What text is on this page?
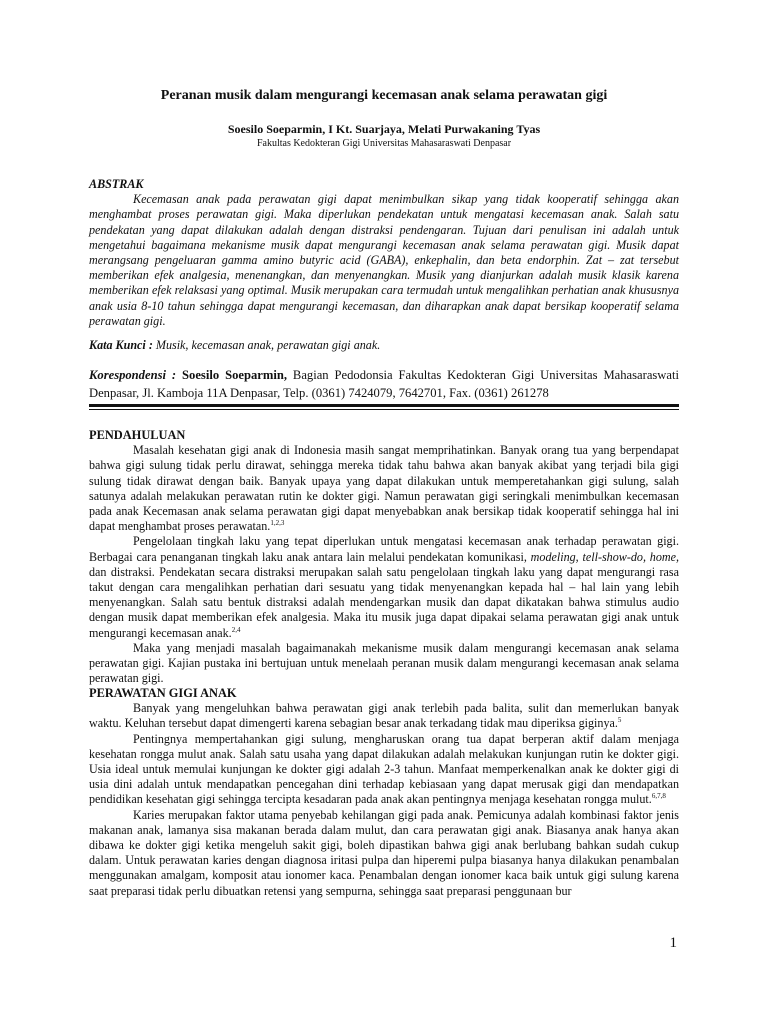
Peranan musik dalam mengurangi kecemasan anak selama perawatan gigi
Soesilo Soeparmin, I Kt. Suarjaya, Melati Purwakaning Tyas
Fakultas Kedokteran Gigi Universitas Mahasaraswati Denpasar
ABSTRAK

Kecemasan anak pada perawatan gigi dapat menimbulkan sikap yang tidak kooperatif sehingga akan menghambat proses perawatan gigi. Maka diperlukan pendekatan untuk mengatasi kecemasan anak. Salah satu pendekatan yang dapat dilakukan adalah dengan distraksi pendengaran. Tujuan dari penulisan ini adalah untuk mengetahui bagaimana mekanisme musik dapat mengurangi kecemasan anak selama perawatan gigi. Musik dapat merangsang pengeluaran gamma amino butyric acid (GABA), enkephalin, dan beta endorphin. Zat – zat tersebut memberikan efek analgesia, menenangkan, dan menyenangkan. Musik yang dianjurkan adalah musik klasik karena memberikan efek relaksasi yang optimal. Musik merupakan cara termudah untuk mengalihkan perhatian anak khususnya anak usia 8-10 tahun sehingga dapat mengurangi kecemasan, dan diharapkan anak dapat bersikap kooperatif selama perawatan gigi.

Kata Kunci : Musik, kecemasan anak, perawatan gigi anak.
Korespondensi : Soesilo Soeparmin, Bagian Pedodonsia Fakultas Kedokteran Gigi Universitas Mahasaraswati Denpasar, Jl. Kamboja 11A Denpasar, Telp. (0361) 7424079, 7642701, Fax. (0361) 261278
PENDAHULUAN

Masalah kesehatan gigi anak di Indonesia masih sangat memprihatinkan. Banyak orang tua yang berpendapat bahwa gigi sulung tidak perlu dirawat, sehingga mereka tidak tahu bahwa akan banyak akibat yang terjadi bila gigi sulung tidak dirawat dengan baik. Banyak upaya yang dapat dilakukan untuk memperetahankan gigi sulung, salah satunya adalah melakukan perawatan rutin ke dokter gigi. Namun perawatan gigi seringkali menimbulkan kecemasan pada anak Kecemasan anak selama perawatan gigi dapat menyebabkan anak bersikap tidak kooperatif sehingga hal ini dapat menghambat proses perawatan.$^{1,2,3}$

Pengelolaan tingkah laku yang tepat diperlukan untuk mengatasi kecemasan anak terhadap perawatan gigi. Berbagai cara penanganan tingkah laku anak antara lain melalui pendekatan komunikasi, modeling, tell-show-do, home, dan distraksi. Pendekatan secara distraksi merupakan salah satu pengelolaan tingkah laku yang dapat mengurangi rasa takut dengan cara mengalihkan perhatian dari sesuatu yang tidak menyenangkan kepada hal – hal lain yang lebih menyenangkan. Salah satu bentuk distraksi adalah mendengarkan musik dan dapat dikatakan bahwa stimulus audio dengan musik dapat memberikan efek analgesia. Maka itu musik juga dapat dipakai selama perawatan gigi anak untuk mengurangi kecemasan anak.$^{2,4}$

Maka yang menjadi masalah bagaimanakah mekanisme musik dalam mengurangi kecemasan anak selama perawatan gigi. Kajian pustaka ini bertujuan untuk menelaah peranan musik dalam mengurangi kecemasan anak selama perawatan gigi.

PERAWATAN GIGI ANAK

Banyak yang mengeluhkan bahwa perawatan gigi anak terlebih pada balita, sulit dan memerlukan banyak waktu. Keluhan tersebut dapat dimengerti karena sebagian besar anak terkadang tidak mau diperiksa giginya.$^5$

Pentingnya mempertahankan gigi sulung, mengharuskan orang tua dapat berperan aktif dalam menjaga kesehatan rongga mulut anak. Salah satu usaha yang dapat dilakukan adalah melakukan kunjungan rutin ke dokter gigi. Usia ideal untuk memulai kunjungan ke dokter gigi adalah 2-3 tahun. Manfaat memperkenalkan anak ke dokter gigi di usia dini adalah untuk mendapatkan pencegahan dini terhadap kebiasaan yang dapat merusak gigi dan mendapatkan pendidikan kesehatan gigi sehingga tercipta kesadaran pada anak akan pentingnya menjaga kesehatan rongga mulut.$^{6,7,8}$

Karies merupakan faktor utama penyebab kehilangan gigi pada anak. Pemicunya adalah kombinasi faktor jenis makanan anak, lamanya sisa makanan berada dalam mulut, dan cara perawatan gigi anak. Biasanya anak hanya akan dibawa ke dokter gigi ketika mengeluh sakit gigi, boleh dipastikan bahwa gigi anak berlubang bahkan sudah cukup dalam. Untuk perawatan karies dengan diagnosa iritasi pulpa dan hiperemi pulpa biasanya hanya dilakukan penambalan menggunakan amalgam, komposit atau ionomer kaca. Penambalan dengan ionomer kaca baik untuk gigi sulung karena saat preparasi tidak perlu dibuatkan retensi yang sempurna, sehingga saat preparasi penggunaan bur

1
